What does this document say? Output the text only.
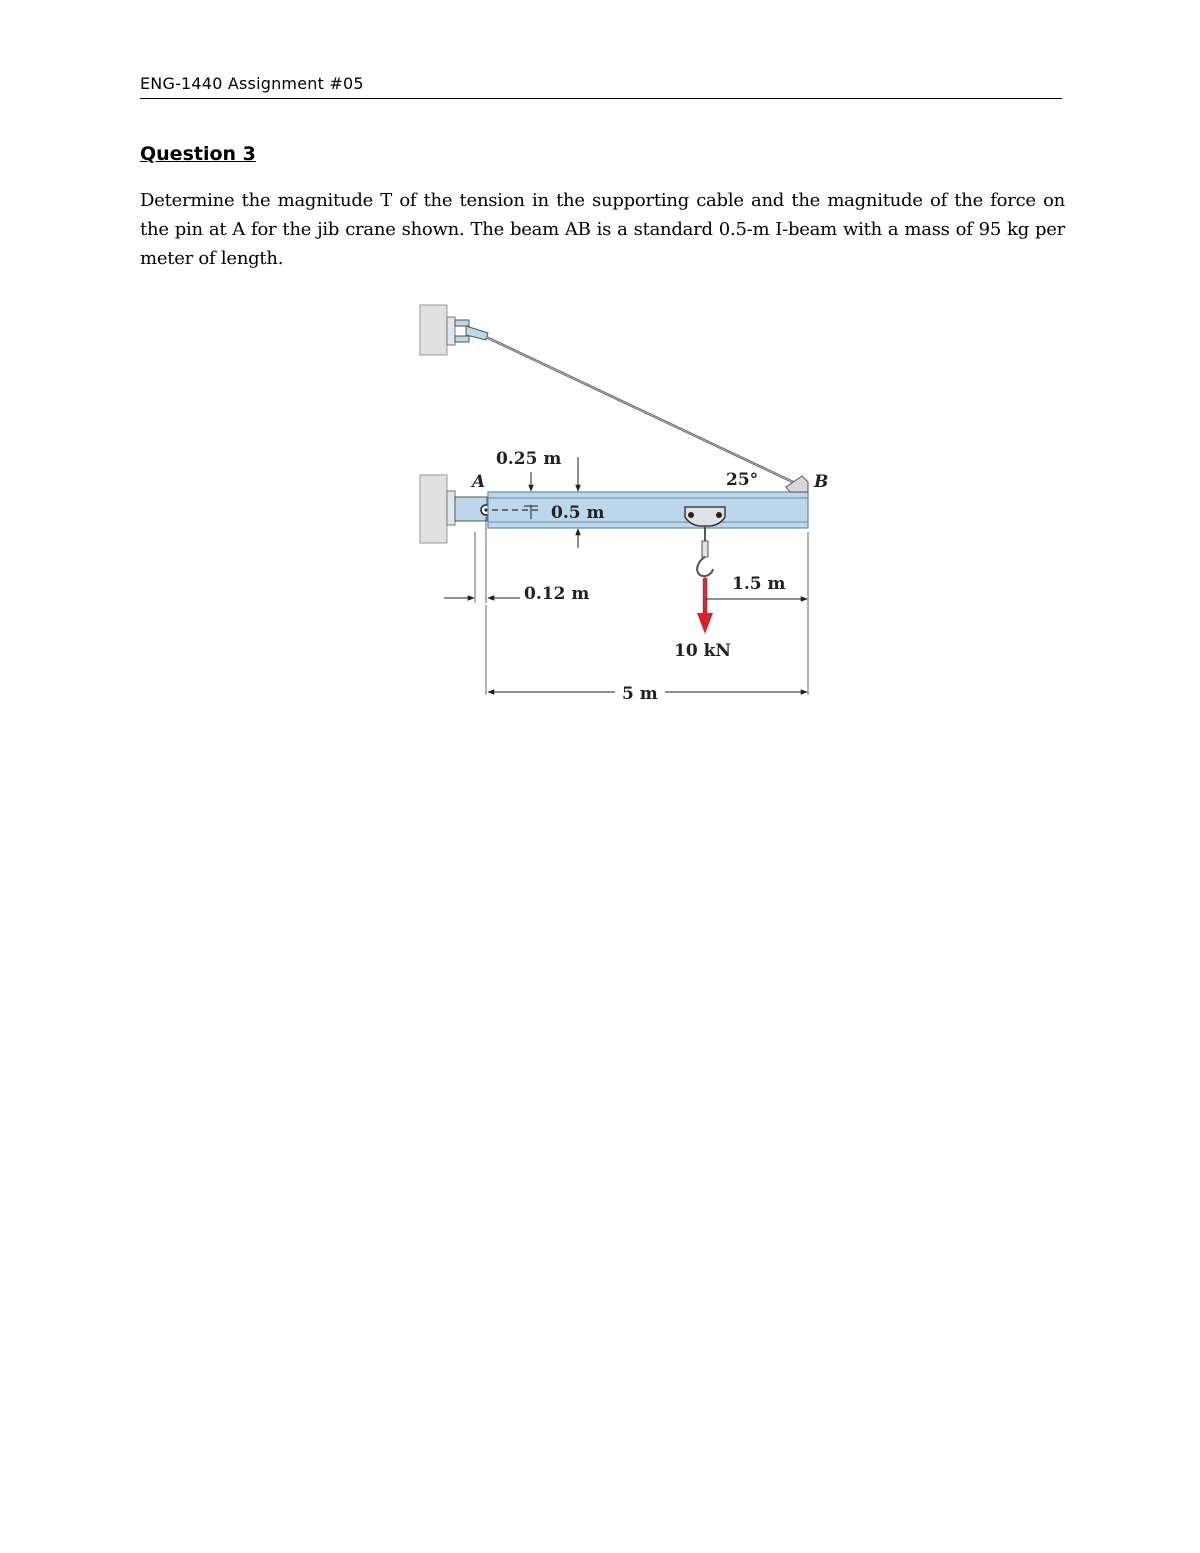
ENG-1440 Assignment #05
Question 3
Determine the magnitude T of the tension in the supporting cable and the magnitude of the force on the pin at A for the jib crane shown. The beam AB is a standard 0.5-m I-beam with a mass of 95 kg per meter of length.
0.25 m
0.5 m
0.12 m	1.5 m
5 m
A	B
25°
10 kN
